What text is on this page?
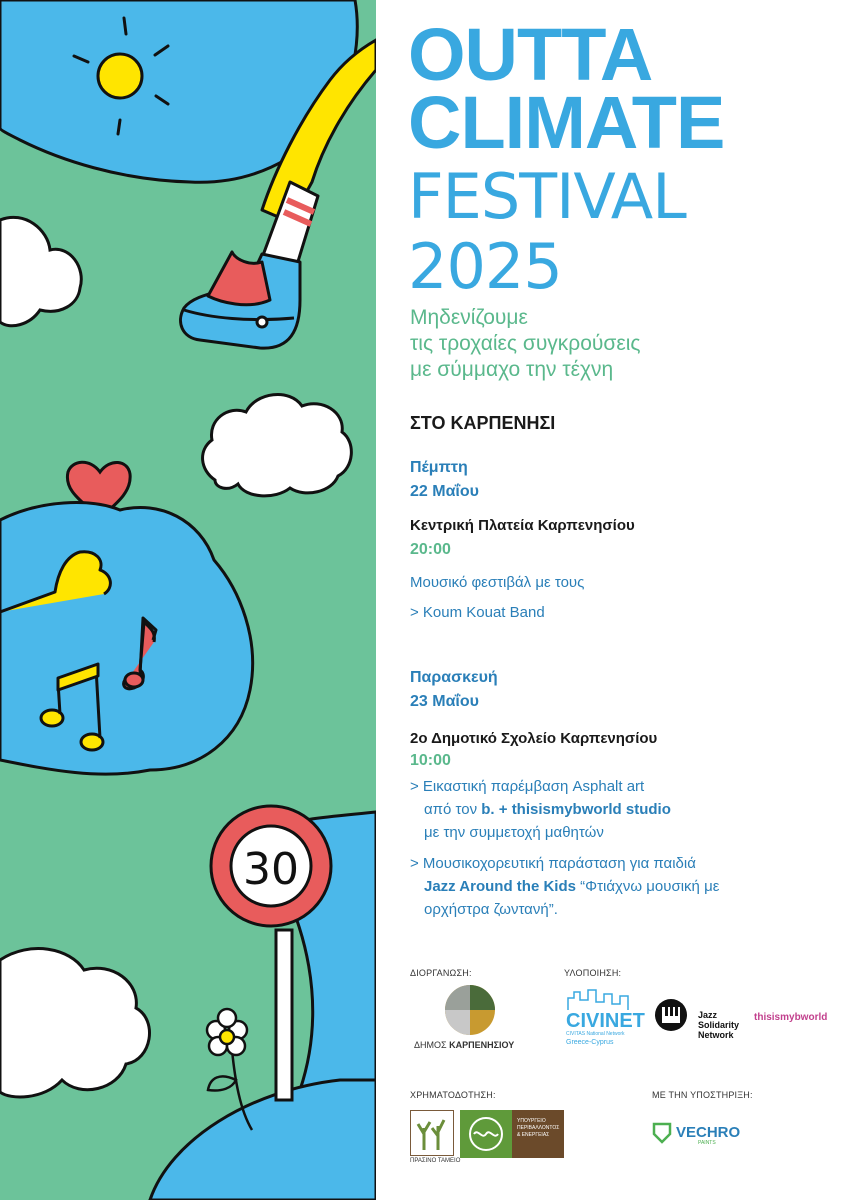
30
OUTTA
CLIMATE
FESTIVAL
2025
Μηδενίζουμε
τις τροχαίες συγκρούσεις
με σύμμαχο την τέχνη
ΣΤΟ ΚΑΡΠΕΝΗΣΙ
Πέμπτη
22 Μαΐου
Κεντρική Πλατεία Καρπενησίου
20:00
Μουσικό φεστιβάλ με τους
> Koum Kouat Band
Παρασκευή
23 Μαΐου
2ο Δημοτικό Σχολείο Καρπενησίου
10:00
> Εικαστική παρέμβαση Asphalt art
από τον b. + thisismybworld studio
με την συμμετοχή μαθητών
> Μουσικοχορευτική παράσταση για παιδιά
Jazz Around the Kids “Φτιάχνω μουσική με
ορχήστρα ζωντανή”.
ΔΙΟΡΓΑΝΩΣΗ:	ΥΛΟΠΟΙΗΣΗ:
ΔΗΜΟΣ ΚΑΡΠΕΝΗΣΙΟΥ
CIVINET
CIVITAS National Network
Greece-Cyprus
Jazz
Solidarity
Network
thisismybworld
ΧΡΗΜΑΤΟΔΟΤΗΣΗ:	ΜΕ ΤΗΝ ΥΠΟΣΤΗΡΙΞΗ:
ΠΡΑΣΙΝΟ ΤΑΜΕΙΟ
ΥΠΟΥΡΓΕΙΟ
ΠΕΡΙΒΑΛΛΟΝΤΟΣ
& ΕΝΕΡΓΕΙΑΣ	VECHRO
PAINTS
